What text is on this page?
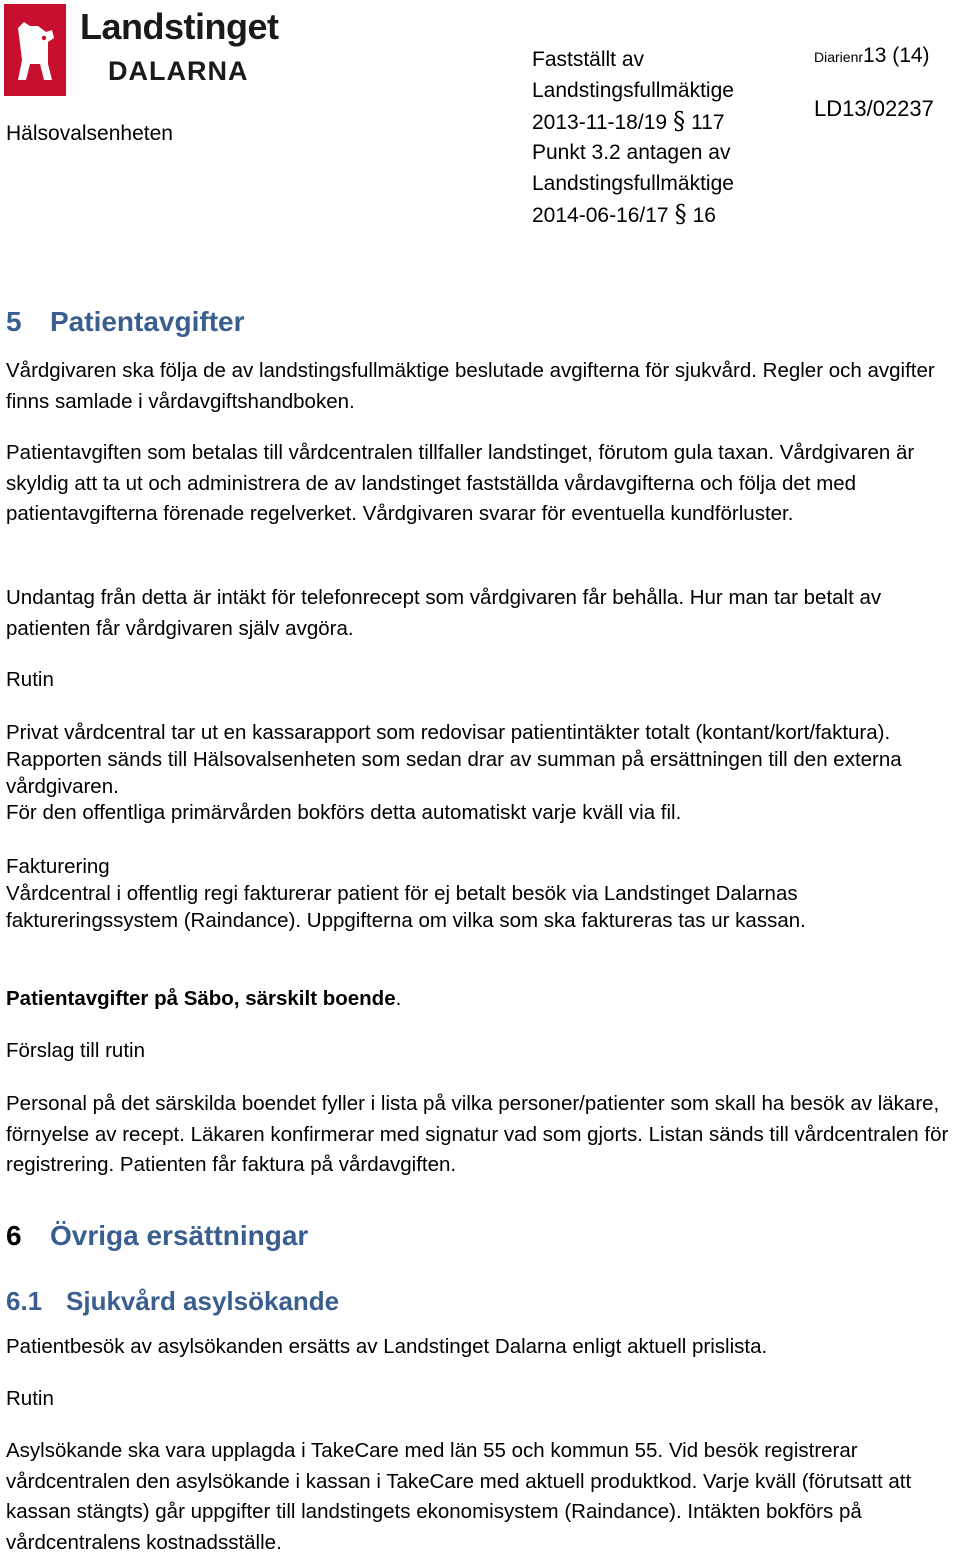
Landstinget
DALARNA
Hälsovalsenheten
Fastställt av
Landstingsfullmäktige
2013-11-18/19 § 117
Punkt 3.2 antagen av
Landstingsfullmäktige
2014-06-16/17 § 16
Diarienr13 (14)
LD13/02237
5 Patientavgifter

Vårdgivaren ska följa de av landstingsfullmäktige beslutade avgifterna för sjukvård. Regler och avgifter finns samlade i vårdavgiftshandboken.

Patientavgiften som betalas till vårdcentralen tillfaller landstinget, förutom gula taxan. Vårdgivaren är skyldig att ta ut och administrera de av landstinget fastställda vårdavgifterna och följa det med patientavgifterna förenade regelverket. Vårdgivaren svarar för eventuella kundförluster.

Undantag från detta är intäkt för telefonrecept som vårdgivaren får behålla. Hur man tar betalt av patienten får vårdgivaren själv avgöra.

Rutin

Privat vårdcentral tar ut en kassarapport som redovisar patientintäkter totalt (kontant/kort/faktura). Rapporten sänds till Hälsovalsenheten som sedan drar av summan på ersättningen till den externa vårdgivaren.

För den offentliga primärvården bokförs detta automatiskt varje kväll via fil.

Fakturering

Vårdcentral i offentlig regi fakturerar patient för ej betalt besök via Landstinget Dalarnas faktureringssystem (Raindance). Uppgifterna om vilka som ska faktureras tas ur kassan.

Patientavgifter på Säbo, särskilt boende.

Förslag till rutin

Personal på det särskilda boendet fyller i lista på vilka personer/patienter som skall ha besök av läkare, förnyelse av recept. Läkaren konfirmerar med signatur vad som gjorts. Listan sänds till vårdcentralen för registrering. Patienten får faktura på vårdavgiften.

6 Övriga ersättningar
6.1 Sjukvård asylsökande

Patientbesök av asylsökanden ersätts av Landstinget Dalarna enligt aktuell prislista.

Rutin

Asylsökande ska vara upplagda i TakeCare med län 55 och kommun 55. Vid besök registrerar vårdcentralen den asylsökande i kassan i TakeCare med aktuell produktkod. Varje kväll (förutsatt att kassan stängts) går uppgifter till landstingets ekonomisystem (Raindance). Intäkten bokförs på vårdcentralens kostnadsställe.
